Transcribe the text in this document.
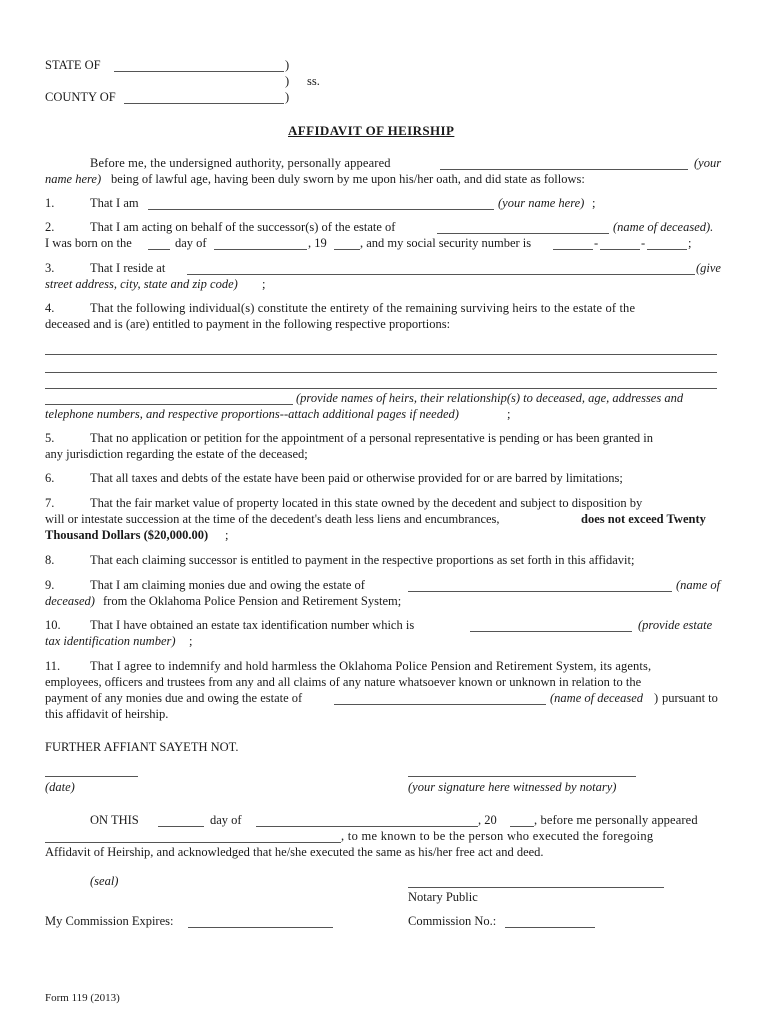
STATE OF	)
) ss.
COUNTY OF	)
AFFIDAVIT OF HEIRSHIP
Before me, the undersigned authority, personally appeared	(your
name here) being of lawful age, having been duly sworn by me upon his/her oath, and did state as follows:
1.	That I am	(your name here) ;
2.	That I am acting on behalf of the successor(s) of the estate of	(name of deceased).
I was born on the	day of	, 19	, and my social security number is	-	-	;
3.	That I reside at	(give
street address, city, state and zip code) ;
4.	That the following individual(s) constitute the entirety of the remaining surviving heirs to the estate of the
deceased and is (are) entitled to payment in the following respective proportions:
(provide names of heirs, their relationship(s) to deceased, age, addresses and
telephone numbers, and respective proportions--attach additional pages if needed)	;
5.	That no application or petition for the appointment of a personal representative is pending or has been granted in
any jurisdiction regarding the estate of the deceased;
6.	That all taxes and debts of the estate have been paid or otherwise provided for or are barred by limitations;
7.	That the fair market value of property located in this state owned by the decedent and subject to disposition by
will or intestate succession at the time of the decedent's death less liens and encumbrances,	does not exceed Twenty
Thousand Dollars ($20,000.00) ;
8.	That each claiming successor is entitled to payment in the respective proportions as set forth in this affidavit;
9.	That I am claiming monies due and owing the estate of	(name of
deceased) from the Oklahoma Police Pension and Retirement System;
10. That I have obtained an estate tax identification number which is	(provide estate
tax identification number) ;
11. That I agree to indemnify and hold harmless the Oklahoma Police Pension and Retirement System, its agents,
employees, officers and trustees from any and all claims of any nature whatsoever known or unknown in relation to the
payment of any monies due and owing the estate of	(name of deceased ) pursuant to
this affidavit of heirship.
FURTHER AFFIANT SAYETH NOT.
(date)	(your signature here witnessed by notary)
ON THIS	day of	, 20	, before me personally appeared
, to me known to be the person who executed the foregoing
Affidavit of Heirship, and acknowledged that he/she executed the same as his/her free act and deed.
(seal)
Notary Public
My Commission Expires:	Commission No.:
Form 119 (2013)
